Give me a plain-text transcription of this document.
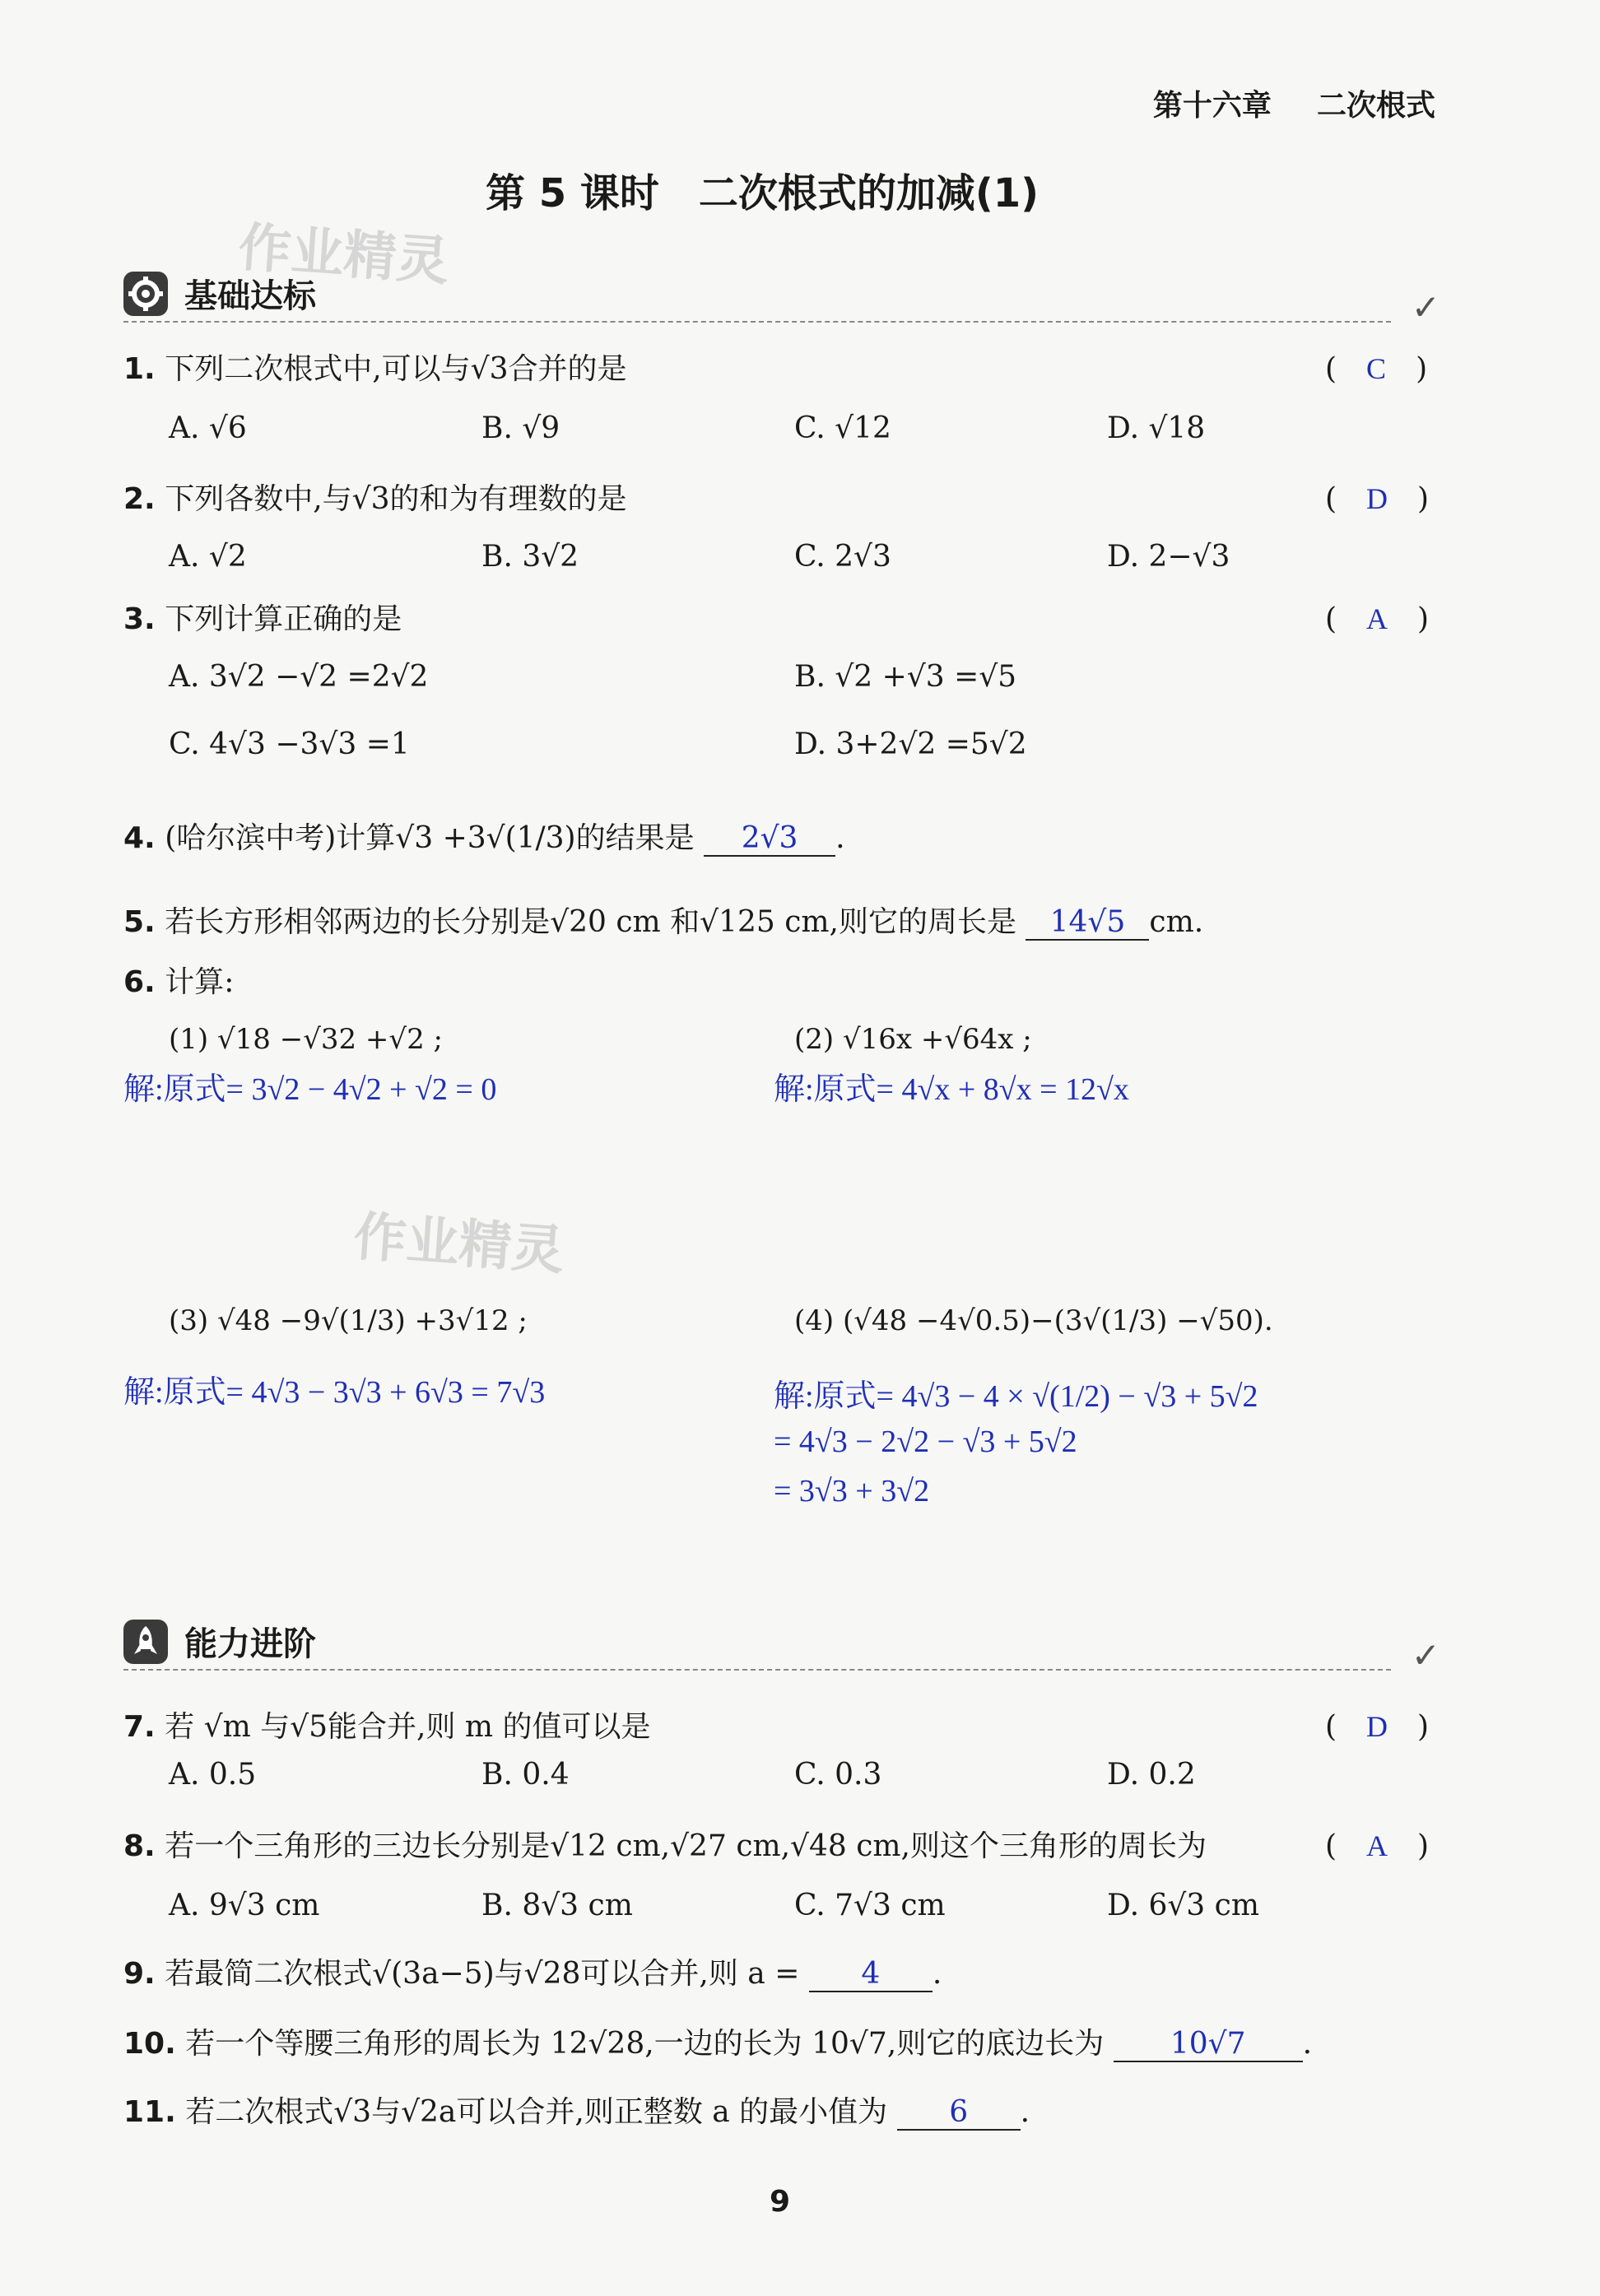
第十六章 二次根式
第 5 课时　二次根式的加减(1)
作业精灵
作业精灵
基础达标	✓
1. 下列二次根式中,可以与√3合并的是	(　C　)
A. √6	B. √9	C. √12	D. √18
2. 下列各数中,与√3的和为有理数的是	(　D　)
A. √2	B. 3√2	C. 2√3	D. 2−√3
3. 下列计算正确的是	(　A　)
A. 3√2 −√2 =2√2	B. √2 +√3 =√5
C. 4√3 −3√3 =1	D. 3+2√2 =5√2
4. (哈尔滨中考)计算√3 +3√(1/3)的结果是 2√3 .
5. 若长方形相邻两边的长分别是√20 cm 和√125 cm,则它的周长是 14√5 cm.
6. 计算:
(1) √18 −√32 +√2 ;	(2) √16x +√64x ;
解:原式= 3√2 − 4√2 + √2 = 0	解:原式= 4√x + 8√x = 12√x
(3) √48 −9√(1/3) +3√12 ;	(4) (√48 −4√0.5)−(3√(1/3) −√50).
解:原式= 4√3 − 3√3 + 6√3 = 7√3	解:原式= 4√3 − 4 × √(1/2) − √3 + 5√2
= 4√3 − 2√2 − √3 + 5√2
= 3√3 + 3√2
能力进阶	✓
7. 若 √m 与√5能合并,则 m 的值可以是	(　D　)
A. 0.5	B. 0.4	C. 0.3	D. 0.2
8. 若一个三角形的三边长分别是√12 cm,√27 cm,√48 cm,则这个三角形的周长为	(　A　)
A. 9√3 cm	B. 8√3 cm	C. 7√3 cm	D. 6√3 cm
9. 若最简二次根式√(3a−5)与√28可以合并,则 a = 4 .
10. 若一个等腰三角形的周长为 12√28,一边的长为 10√7,则它的底边长为 10√7 .
11. 若二次根式√3与√2a可以合并,则正整数 a 的最小值为 6 .
9
